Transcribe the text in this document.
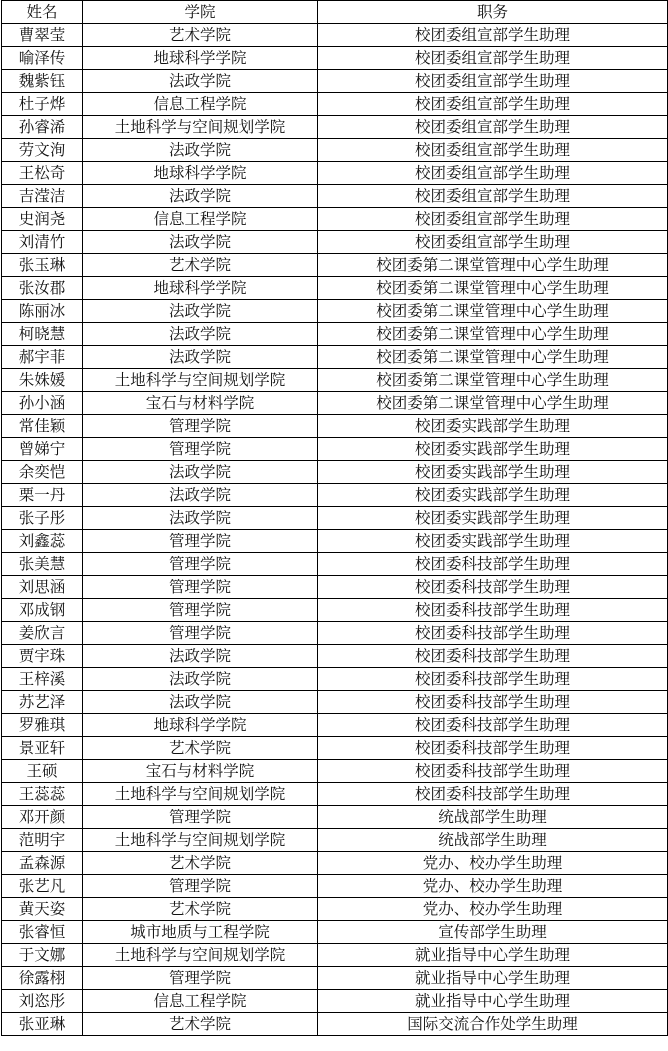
姓名	学院	职务
曹翠莹	艺术学院	校团委组宣部学生助理
喻泽传	地球科学学院	校团委组宣部学生助理
魏紫钰	法政学院	校团委组宣部学生助理
杜子烨	信息工程学院	校团委组宣部学生助理
孙睿浠	土地科学与空间规划学院	校团委组宣部学生助理
劳文洵	法政学院	校团委组宣部学生助理
王松奇	地球科学学院	校团委组宣部学生助理
吉滢洁	法政学院	校团委组宣部学生助理
史润尧	信息工程学院	校团委组宣部学生助理
刘清竹	法政学院	校团委组宣部学生助理
张玉琳	艺术学院	校团委第二课堂管理中心学生助理
张汝郡	地球科学学院	校团委第二课堂管理中心学生助理
陈丽冰	法政学院	校团委第二课堂管理中心学生助理
柯晓慧	法政学院	校团委第二课堂管理中心学生助理
郝宇菲	法政学院	校团委第二课堂管理中心学生助理
朱姝媛	土地科学与空间规划学院	校团委第二课堂管理中心学生助理
孙小涵	宝石与材料学院	校团委第二课堂管理中心学生助理
常佳颖	管理学院	校团委实践部学生助理
曾娣宁	管理学院	校团委实践部学生助理
余奕恺	法政学院	校团委实践部学生助理
栗一丹	法政学院	校团委实践部学生助理
张子彤	法政学院	校团委实践部学生助理
刘鑫蕊	管理学院	校团委实践部学生助理
张美慧	管理学院	校团委科技部学生助理
刘思涵	管理学院	校团委科技部学生助理
邓成钢	管理学院	校团委科技部学生助理
姜欣言	管理学院	校团委科技部学生助理
贾宇珠	法政学院	校团委科技部学生助理
王梓溪	法政学院	校团委科技部学生助理
苏艺泽	法政学院	校团委科技部学生助理
罗雅琪	地球科学学院	校团委科技部学生助理
景亚轩	艺术学院	校团委科技部学生助理
王硕	宝石与材料学院	校团委科技部学生助理
王蕊蕊	土地科学与空间规划学院	校团委科技部学生助理
邓开颜	管理学院	统战部学生助理
范明宇	土地科学与空间规划学院	统战部学生助理
孟森源	艺术学院	党办、校办学生助理
张艺凡	管理学院	党办、校办学生助理
黄天姿	艺术学院	党办、校办学生助理
张睿恒	城市地质与工程学院	宣传部学生助理
于文娜	土地科学与空间规划学院	就业指导中心学生助理
徐露栩	管理学院	就业指导中心学生助理
刘恣彤	信息工程学院	就业指导中心学生助理
张亚琳	艺术学院	国际交流合作处学生助理
